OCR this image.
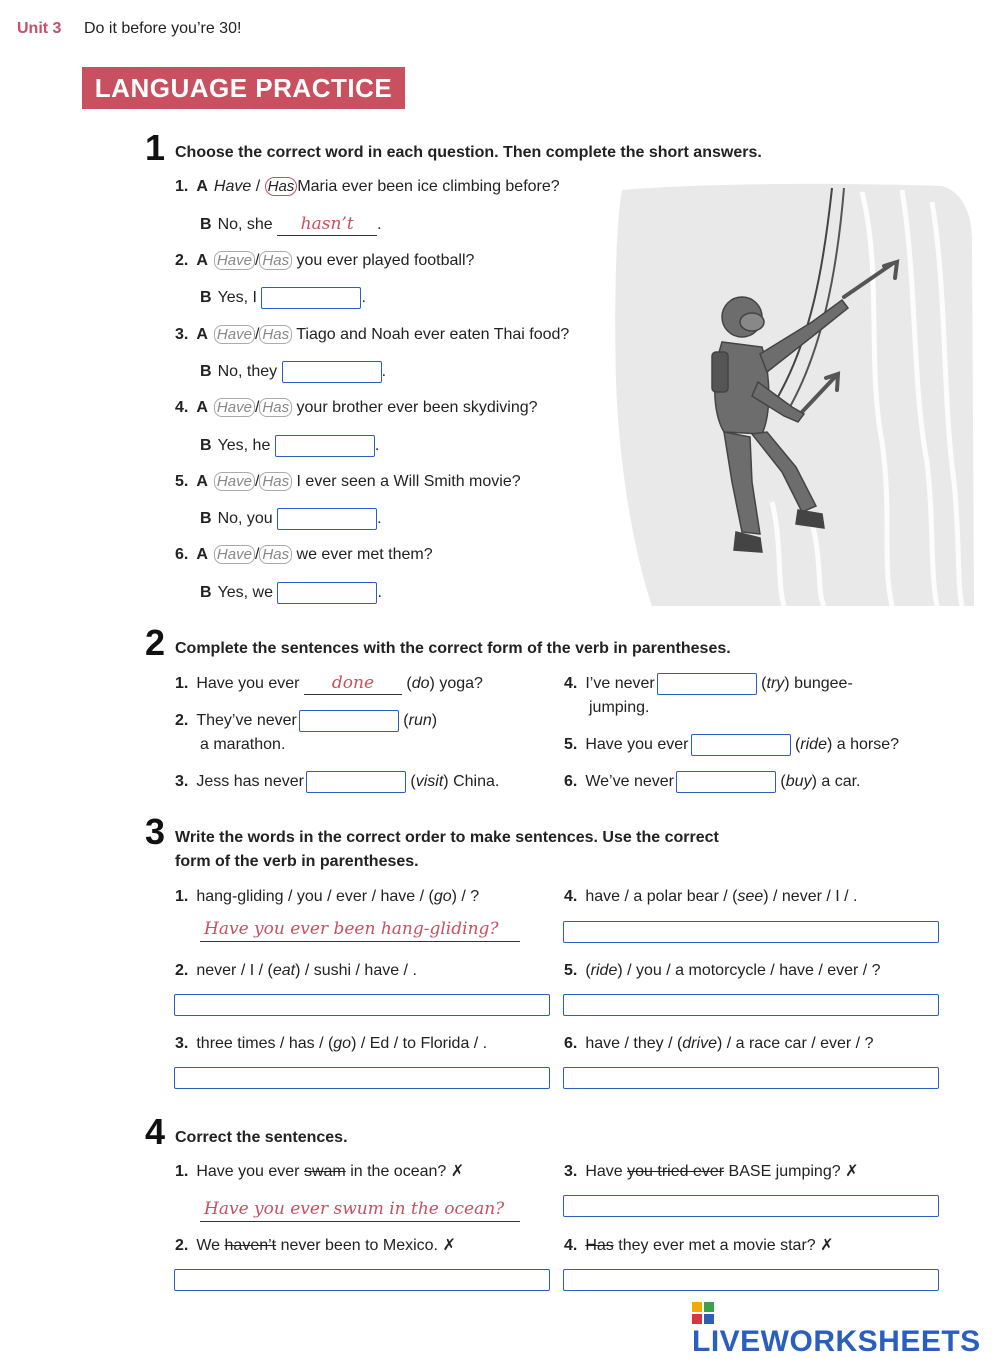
Unit 3 Do it before you’re 30!
LANGUAGE PRACTICE
1 Choose the correct word in each question. Then complete the short answers.
1. A Have / Has Maria ever been ice climbing before?
B No, she hasn’t .
2. A Have / Has you ever played football?
B Yes, I	.
3. A Have / Has Tiago and Noah ever eaten Thai food?
B No, they	.
4. A Have / Has your brother ever been skydiving?
B Yes, he	.
5. A Have / Has I ever seen a Will Smith movie?
B No, you	.
6. A Have / Has we ever met them?
B Yes, we	.
2 Complete the sentences with the correct form of the verb in parentheses.
1. Have you ever done (do) yoga?
2. They’ve never	(run)
a marathon.
3. Jess has never	(visit) China.
4. I’ve never	(try) bungee-
jumping.
5. Have you ever	(ride) a horse?
6. We’ve never	(buy) a car.
3 Write the words in the correct order to make sentences. Use the correct
form of the verb in parentheses.
1. hang-gliding / you / ever / have / (go) / ?
Have you ever been hang-gliding?
4. have / a polar bear / (see) / never / I / .
2. never / I / (eat) / sushi / have / .	5. (ride) / you / a motorcycle / have / ever / ?
3. three times / has / (go) / Ed / to Florida / .	6. have / they / (drive) / a race car / ever / ?
4 Correct the sentences.
1. Have you ever swam in the ocean? ✗
Have you ever swum in the ocean?
3. Have you tried ever BASE jumping? ✗
2. We haven’t never been to Mexico. ✗	4. Has they ever met a movie star? ✗
LIVEWORKSHEETS
